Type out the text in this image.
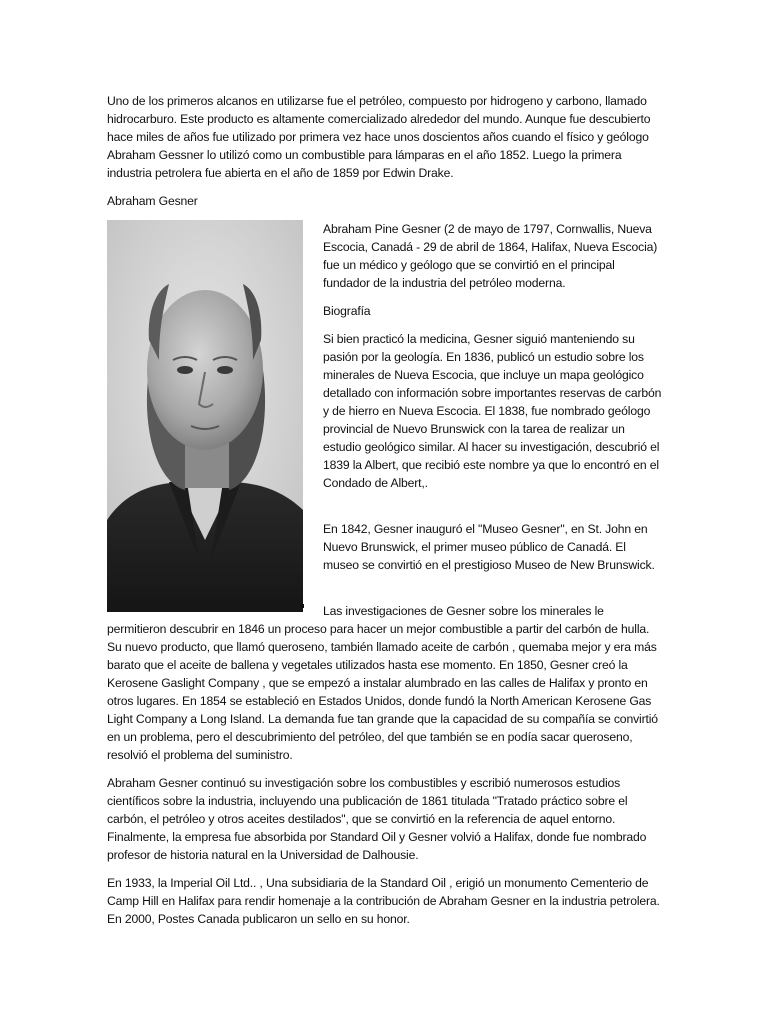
Uno de los primeros alcanos en utilizarse fue el petróleo, compuesto por hidrogeno y carbono, llamado hidrocarburo. Este producto es altamente comercializado alrededor del mundo. Aunque fue descubierto hace miles de años fue utilizado por primera vez hace unos doscientos años cuando el físico y geólogo Abraham Gessner lo utilizó como un combustible para lámparas en el año 1852. Luego la primera industria petrolera fue abierta en el año de 1859 por Edwin Drake.

Abraham Gesner

Abraham Pine Gesner (2 de mayo de 1797, Cornwallis, Nueva Escocia, Canadá - 29 de abril de 1864, Halifax, Nueva Escocia) fue un médico y geólogo que se convirtió en el principal fundador de la industria del petróleo moderna.

Biografía

Si bien practicó la medicina, Gesner siguió manteniendo su pasión por la geología. En 1836, publicó un estudio sobre los minerales de Nueva Escocia, que incluye un mapa geológico detallado con información sobre importantes reservas de carbón y de hierro en Nueva Escocia. El 1838, fue nombrado geólogo provincial de Nuevo Brunswick con la tarea de realizar un estudio geológico similar. Al hacer su investigación, descubrió el 1839 la Albert, que recibió este nombre ya que lo encontró en el Condado de Albert,.

En 1842, Gesner inauguró el "Museo Gesner", en St. John en Nuevo Brunswick, el primer museo público de Canadá. El museo se convirtió en el prestigioso Museo de New Brunswick.

Las investigaciones de Gesner sobre los minerales le permitieron descubrir en 1846 un proceso para hacer un mejor combustible a partir del carbón de hulla. Su nuevo producto, que llamó queroseno, también llamado aceite de carbón , quemaba mejor y era más barato que el aceite de ballena y vegetales utilizados hasta ese momento. En 1850, Gesner creó la Kerosene Gaslight Company , que se empezó a instalar alumbrado en las calles de Halifax y pronto en otros lugares. En 1854 se estableció en Estados Unidos, donde fundó la North American Kerosene Gas Light Company a Long Island. La demanda fue tan grande que la capacidad de su compañía se convirtió en un problema, pero el descubrimiento del petróleo, del que también se en podía sacar queroseno, resolvió el problema del suministro.

Abraham Gesner continuó su investigación sobre los combustibles y escribió numerosos estudios científicos sobre la industria, incluyendo una publicación de 1861 titulada "Tratado práctico sobre el carbón, el petróleo y otros aceites destilados", que se convirtió en la referencia de aquel entorno. Finalmente, la empresa fue absorbida por Standard Oil y Gesner volvió a Halifax, donde fue nombrado profesor de historia natural en la Universidad de Dalhousie.

En 1933, la Imperial Oil Ltd.. , Una subsidiaria de la Standard Oil , erigió un monumento Cementerio de Camp Hill en Halifax para rendir homenaje a la contribución de Abraham Gesner en la industria petrolera. En 2000, Postes Canada publicaron un sello en su honor.
